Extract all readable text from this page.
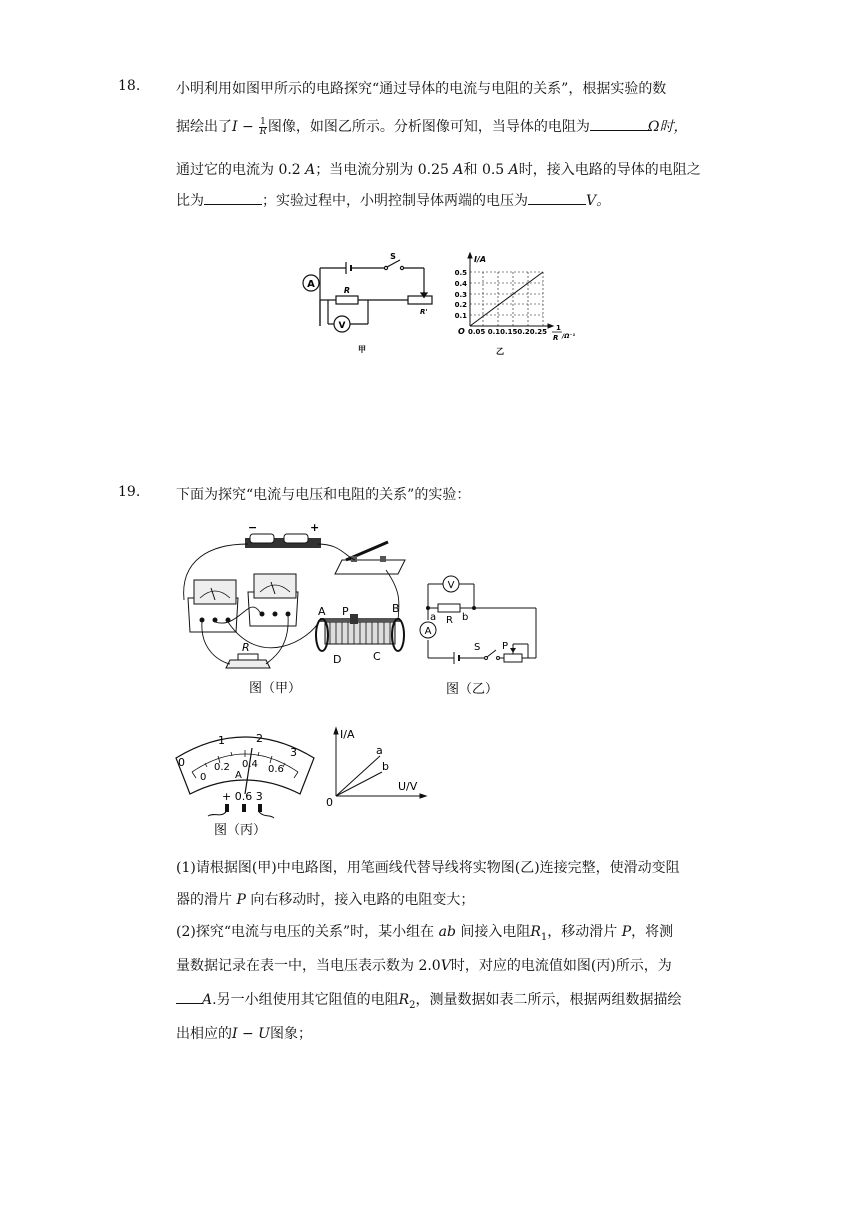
18.	小明利用如图甲所示的电路探究“通过导体的电流与电阻的关系”，根据实验的数
据绘出了$I - \frac{1}{R}$ 图像，如图乙所示。分析图像可知，当导体的电阻为	Ω时，
通过它的电流为 0.2 A；当电流分别为 0.25 A和 0.5 A时，接入电路的导体的电阻之
比为	；实验过程中，小明控制导体两端的电压为	V。
A
V
R
S
R'
甲
I/A
0.5
0.4
0.3
0.2
0.1
O 0.05 0.10.150.20.25 1
R /Ω⁻¹
乙
19.	下面为探究“电流与电压和电阻的关系”的实验：
−	+
A P	B
D	C
R
图（甲）
V
A
a R b
S P
图（乙）
1	2
3
0
0
0.2 0.4 0.6
A
+ 0.6 3
图（丙）
I/A
a
b
U/V
0
(1)请根据图(甲)中电路图，用笔画线代替导线将实物图(乙)连接完整，使滑动变阻
器的滑片 P 向右移动时，接入电路的电阻变大；
(2)探究“电流与电压的关系”时，某小组在 ab 间接入电阻$R_1$，移动滑片 P，将测
量数据记录在表一中，当电压表示数为 2.0V时，对应的电流值如图(丙)所示，为
A.另一小组使用其它阻值的电阻$R_2$，测量数据如表二所示，根据两组数据描绘
出相应的I − U图象；
